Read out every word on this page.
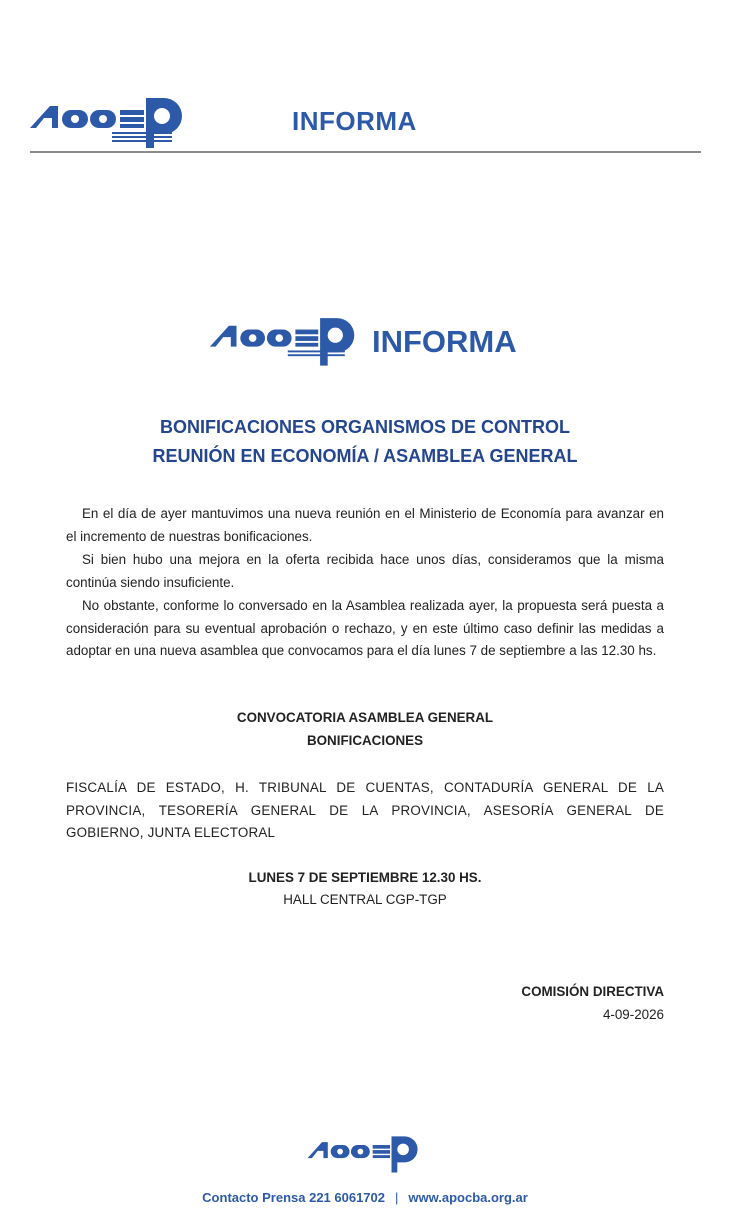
INFORMA
INFORMA
BONIFICACIONES ORGANISMOS DE CONTROL
REUNIÓN EN ECONOMÍA / ASAMBLEA GENERAL
En el día de ayer mantuvimos una nueva reunión en el Ministerio de Economía para avanzar en el incremento de nuestras bonificaciones.
Si bien hubo una mejora en la oferta recibida hace unos días, consideramos que la misma continúa siendo insuficiente.
No obstante, conforme lo conversado en la Asamblea realizada ayer, la propuesta será puesta a consideración para su eventual aprobación o rechazo, y en este último caso definir las medidas a adoptar en una nueva asamblea que convocamos para el día lunes 7 de septiembre a las 12.30 hs.
CONVOCATORIA ASAMBLEA GENERAL
BONIFICACIONES
FISCALÍA DE ESTADO, H. TRIBUNAL DE CUENTAS, CONTADURÍA GENERAL DE LA PROVINCIA, TESORERÍA GENERAL DE LA PROVINCIA, ASESORÍA GENERAL DE GOBIERNO, JUNTA ELECTORAL
LUNES 7 DE SEPTIEMBRE 12.30 HS.
HALL CENTRAL CGP-TGP
COMISIÓN DIRECTIVA
4-09-2026
Contacto Prensa 221 6061702 | www.apocba.org.ar
